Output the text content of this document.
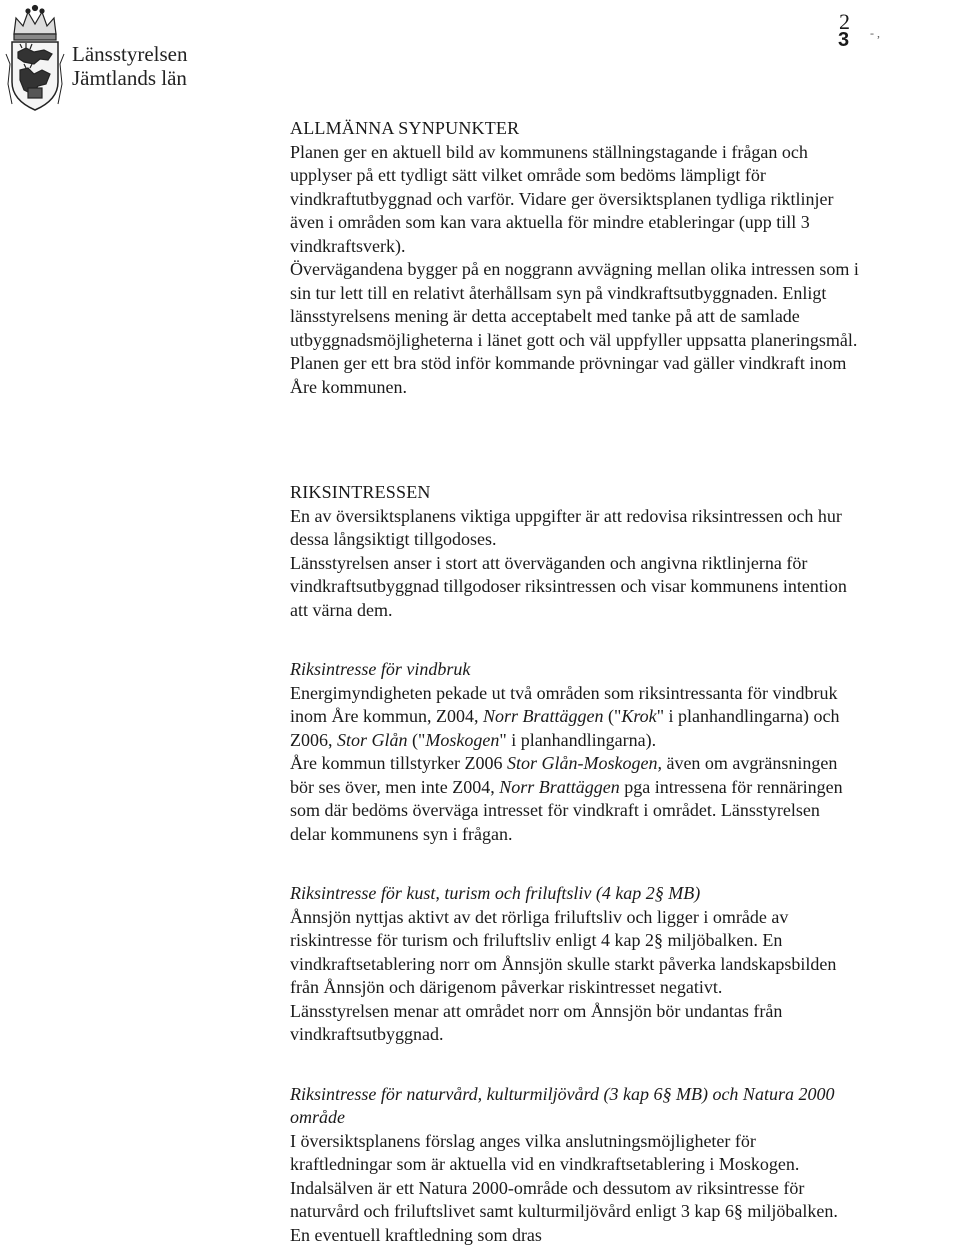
Länsstyrelsen
Jämtlands län
2
3 - ,
ALLMÄNNA SYNPUNKTER

Planen ger en aktuell bild av kommunens ställningstagande i frågan och upplyser på ett tydligt sätt vilket område som bedöms lämpligt för vindkraftutbyggnad och varför. Vidare ger översiktsplanen tydliga riktlinjer även i områden som kan vara aktuella för mindre etableringar (upp till 3 vindkraftsverk).

Övervägandena bygger på en noggrann avvägning mellan olika intressen som i sin tur lett till en relativt återhållsam syn på vindkraftsutbyggnaden. Enligt länsstyrelsens mening är detta acceptabelt med tanke på att de samlade utbyggnadsmöjligheterna i länet gott och väl uppfyller uppsatta planeringsmål.

Planen ger ett bra stöd inför kommande prövningar vad gäller vindkraft inom Åre kommunen.

RIKSINTRESSEN

En av översiktsplanens viktiga uppgifter är att redovisa riksintressen och hur dessa långsiktigt tillgodoses.

Länsstyrelsen anser i stort att överväganden och angivna riktlinjerna för vindkraftsutbyggnad tillgodoser riksintressen och visar kommunens intention att värna dem.

Riksintresse för vindbruk

Energimyndigheten pekade ut två områden som riksintressanta för vindbruk inom Åre kommun, Z004, Norr Brattäggen ("Krok" i planhandlingarna) och Z006, Stor Glån ("Moskogen" i planhandlingarna).

Åre kommun tillstyrker Z006 Stor Glån-Moskogen, även om avgränsningen bör ses över, men inte Z004, Norr Brattäggen pga intressena för rennäringen som där bedöms överväga intresset för vindkraft i området. Länsstyrelsen delar kommunens syn i frågan.

Riksintresse för kust, turism och friluftsliv (4 kap 2§ MB)

Ånnsjön nyttjas aktivt av det rörliga friluftsliv och ligger i område av riskintresse för turism och friluftsliv enligt 4 kap 2§ miljöbalken. En vindkraftsetablering norr om Ånnsjön skulle starkt påverka landskapsbilden från Ånnsjön och därigenom påverkar riskintresset negativt.

Länsstyrelsen menar att området norr om Ånnsjön bör undantas från vindkraftsutbyggnad.

Riksintresse för naturvård, kulturmiljövård (3 kap 6§ MB) och Natura 2000 område

I översiktsplanens förslag anges vilka anslutningsmöjligheter för kraftledningar som är aktuella vid en vindkraftsetablering i Moskogen. Indalsälven är ett Natura 2000-område och dessutom av riksintresse för naturvård och friluftslivet samt kulturmiljövård enligt 3 kap 6§ miljöbalken. En eventuell kraftledning som dras
